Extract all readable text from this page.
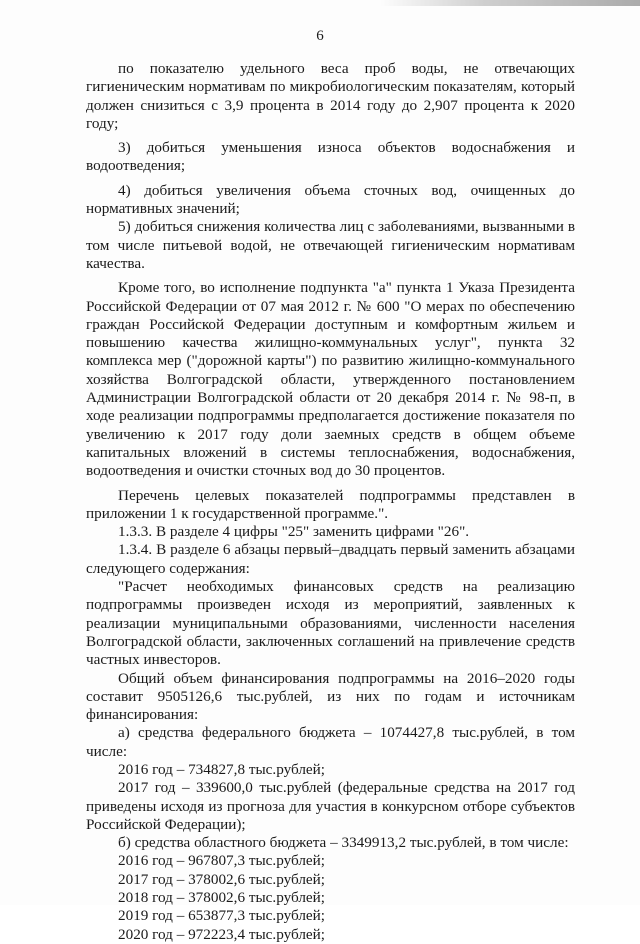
6

по показателю удельного веса проб воды, не отвечающих гигиеническим нормативам по микробиологическим показателям, который должен снизиться с 3,9 процента в 2014 году до 2,907 процента к 2020 году;

3) добиться уменьшения износа объектов водоснабжения и водоотведения;

4) добиться увеличения объема сточных вод, очищенных до нормативных значений;

5) добиться снижения количества лиц с заболеваниями, вызванными в том числе питьевой водой, не отвечающей гигиеническим нормативам качества.

Кроме того, во исполнение подпункта "а" пункта 1 Указа Президента Российской Федерации от 07 мая 2012 г. № 600 "О мерах по обеспечению граждан Российской Федерации доступным и комфортным жильем и повышению качества жилищно-коммунальных услуг", пункта 32 комплекса мер ("дорожной карты") по развитию жилищно-коммунального хозяйства Волгоградской области, утвержденного постановлением Администрации Волгоградской области от 20 декабря 2014 г. № 98-п, в ходе реализации подпрограммы предполагается достижение показателя по увеличению к 2017 году доли заемных средств в общем объеме капитальных вложений в системы теплоснабжения, водоснабжения, водоотведения и очистки сточных вод до 30 процентов.

Перечень целевых показателей подпрограммы представлен в приложении 1 к государственной программе.".

1.3.3. В разделе 4 цифры "25" заменить цифрами "26".

1.3.4. В разделе 6 абзацы первый–двадцать первый заменить абзацами следующего содержания:

"Расчет необходимых финансовых средств на реализацию подпрограммы произведен исходя из мероприятий, заявленных к реализации муниципальными образованиями, численности населения Волгоградской области, заключенных соглашений на привлечение средств частных инвесторов.

Общий объем финансирования подпрограммы на 2016–2020 годы составит 9505126,6 тыс.рублей, из них по годам и источникам финансирования:

а) средства федерального бюджета – 1074427,8 тыс.рублей, в том числе:

2016 год – 734827,8 тыс.рублей;

2017 год – 339600,0 тыс.рублей (федеральные средства на 2017 год приведены исходя из прогноза для участия в конкурсном отборе субъектов Российской Федерации);

б) средства областного бюджета – 3349913,2 тыс.рублей, в том числе:

2016 год – 967807,3 тыс.рублей;

2017 год – 378002,6 тыс.рублей;

2018 год – 378002,6 тыс.рублей;

2019 год – 653877,3 тыс.рублей;

2020 год – 972223,4 тыс.рублей;
